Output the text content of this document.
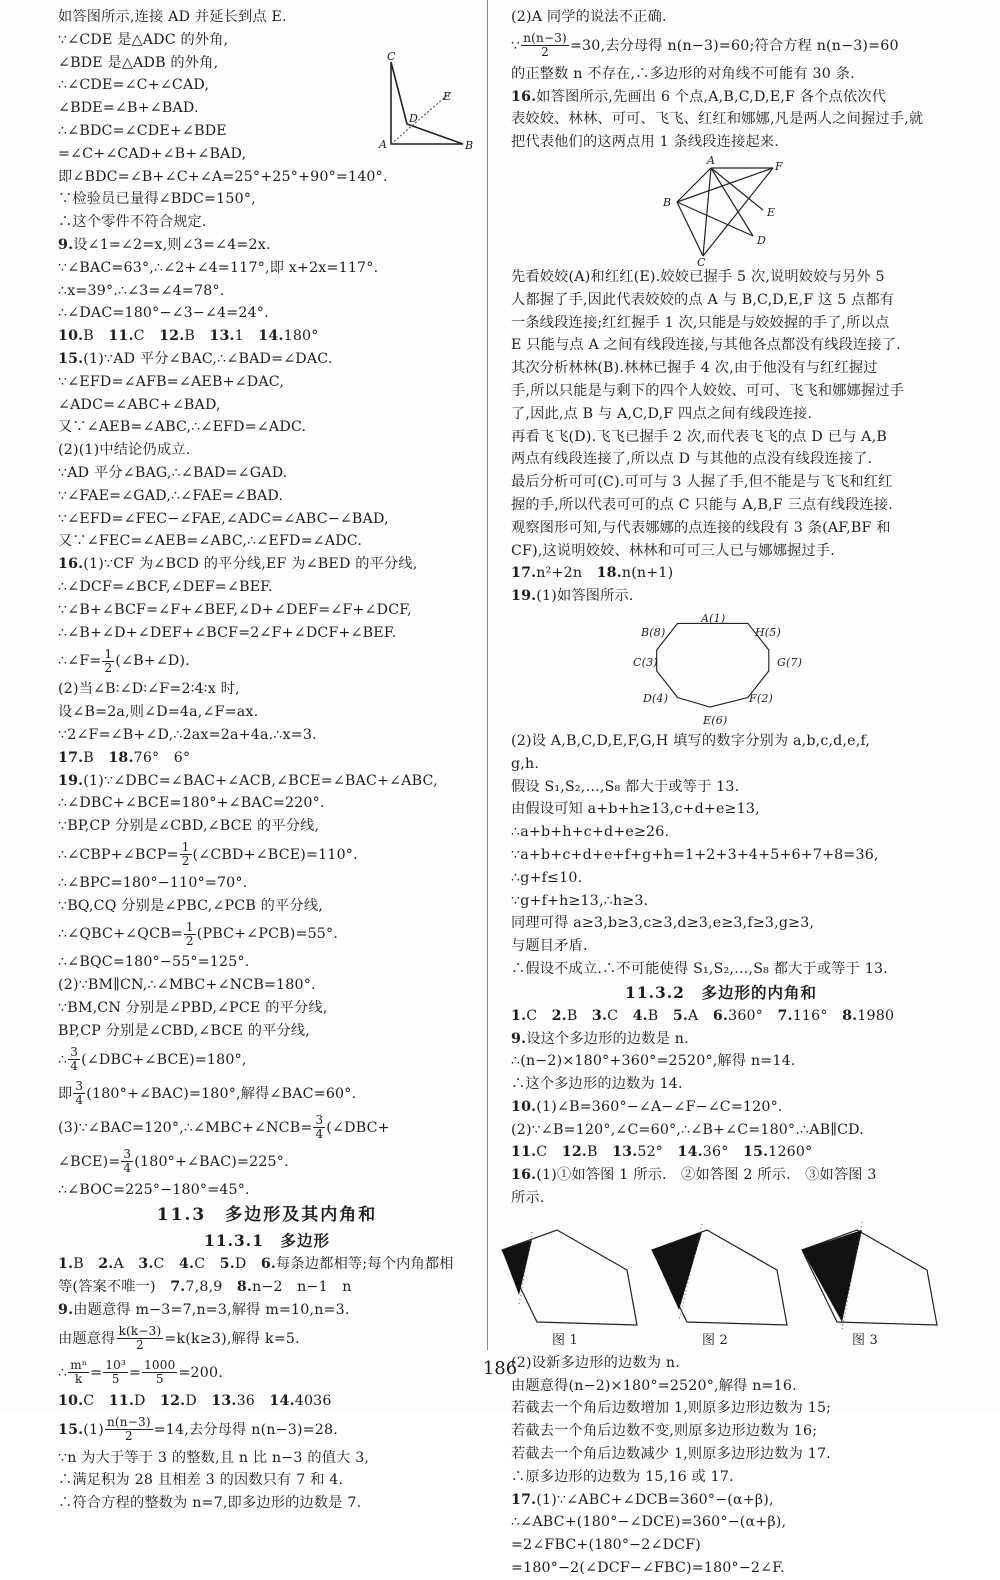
如答图所示,连接 AD 并延长到点 E.
∵∠CDE 是△ADC 的外角,
∠BDE 是△ADB 的外角,
∴∠CDE=∠C+∠CAD,
∠BDE=∠B+∠BAD.
∴∠BDC=∠CDE+∠BDE
=∠C+∠CAD+∠B+∠BAD,
即∠BDC=∠B+∠C+∠A=25°+25°+90°=140°.
∵检验员已量得∠BDC=150°,
∴这个零件不符合规定.
9.设∠1=∠2=x,则∠3=∠4=2x.
∵∠BAC=63°,∴∠2+∠4=117°,即 x+2x=117°.
∴x=39°.∴∠3=∠4=78°.
∴∠DAC=180°−∠3−∠4=24°.
10.B　11.C　12.B　13.1　14.180°
15.(1)∵AD 平分∠BAC,∴∠BAD=∠DAC.
∵∠EFD=∠AFB=∠AEB+∠DAC,
∠ADC=∠ABC+∠BAD,
又∵∠AEB=∠ABC,∴∠EFD=∠ADC.
(2)(1)中结论仍成立.
∵AD 平分∠BAG,∴∠BAD=∠GAD.
∵∠FAE=∠GAD,∴∠FAE=∠BAD.
∵∠EFD=∠FEC−∠FAE,∠ADC=∠ABC−∠BAD,
又∵∠FEC=∠AEB=∠ABC,∴∠EFD=∠ADC.
16.(1)∵CF 为∠BCD 的平分线,EF 为∠BED 的平分线,
∴∠DCF=∠BCF,∠DEF=∠BEF.
∵∠B+∠BCF=∠F+∠BEF,∠D+∠DEF=∠F+∠DCF,
∴∠B+∠D+∠DEF+∠BCF=2∠F+∠DCF+∠BEF.
∴∠F= $\frac{1}{2}$ (∠B+∠D).
(2)当∠B∶∠D∶∠F=2∶4∶x 时,
设∠B=2a,则∠D=4a,∠F=ax.
∵2∠F=∠B+∠D,∴2ax=2a+4a.∴x=3.
17.B　18.76°　6°
19.(1)∵∠DBC=∠BAC+∠ACB,∠BCE=∠BAC+∠ABC,
∴∠DBC+∠BCE=180°+∠BAC=220°.
∵BP,CP 分别是∠CBD,∠BCE 的平分线,
∴∠CBP+∠BCP= $\frac{1}{2}$ (∠CBD+∠BCE)=110°.
∴∠BPC=180°−110°=70°.
∵BQ,CQ 分别是∠PBC,∠PCB 的平分线,
∴∠QBC+∠QCB= $\frac{1}{2}$ (PBC+∠PCB)=55°.
∴∠BQC=180°−55°=125°.
(2)∵BM∥CN,∴∠MBC+∠NCB=180°.
∵BM,CN 分别是∠PBD,∠PCE 的平分线,
BP,CP 分别是∠CBD,∠BCE 的平分线,
∴ $\frac{3}{4}$ (∠DBC+∠BCE)=180°,
即 $\frac{3}{4}$ (180°+∠BAC)=180°,解得∠BAC=60°.
(3)∵∠BAC=120°,∴∠MBC+∠NCB= $\frac{3}{4}$ (∠DBC+
∠BCE)= $\frac{3}{4}$ (180°+∠BAC)=225°.
∴∠BOC=225°−180°=45°.
11.3　多边形及其内角和
11.3.1　多边形
1.B　2.A　3.C　4.C　5.D　6.每条边都相等;每个内角都相
等(答案不唯一)　7.7,8,9　8.n−2　n−1　n
9.由题意得 m−3=7,n=3,解得 m=10,n=3.
由题意得 $\frac{k(k-3)}{2} =k(k\ge 3)$,解得 k=5.
∴ $\frac{\text{mⁿ}}{k} = \frac{\text{10³}}{5} = \frac{1000}{5} =200$.
10.C　11.D　12.D　13.36　14.4036
$15.(1) \frac{n(n-3)}{2} =14$,去分母得 n(n−3)=28.
∵n 为大于等于 3 的整数,且 n 比 n−3 的值大 3,
∴满足积为 28 且相差 3 的因数只有 7 和 4.
∴符合方程的整数为 n=7,即多边形的边数是 7.
(2)A 同学的说法不正确.
∵ $\frac{n(n-3)}{2} =30$,去分母得 n(n−3)=60;符合方程 n(n−3)=60
的正整数 n 不存在,∴多边形的对角线不可能有 30 条.
16.如答图所示,先画出 6 个点,A,B,C,D,E,F 各个点依次代
表姣姣、林林、可可、飞飞、红红和娜娜,凡是两人之间握过手,就
把代表他们的这两点用 1 条线段连接起来.
A	F
B
E
D
C
先看姣姣(A)和红红(E).姣姣已握手 5 次,说明姣姣与另外 5
人都握了手,因此代表姣姣的点 A 与 B,C,D,E,F 这 5 点都有
一条线段连接;红红握手 1 次,只能是与姣姣握的手了,所以点
E 只能与点 A 之间有线段连接,与其他各点都没有线段连接了.
其次分析林林(B).林林已握手 4 次,由于他没有与红红握过
手,所以只能是与剩下的四个人姣姣、可可、飞飞和娜娜握过手
了,因此,点 B 与 A,C,D,F 四点之间有线段连接.
再看飞飞(D).飞飞已握手 2 次,而代表飞飞的点 D 已与 A,B
两点有线段连接了,所以点 D 与其他的点没有线段连接了.
最后分析可可(C).可可与 3 人握了手,但不能是与飞飞和红红
握的手,所以代表可可的点 C 只能与 A,B,F 三点有线段连接.
观察图形可知,与代表娜娜的点连接的线段有 3 条(AF,BF 和
CF),这说明姣姣、林林和可可三人已与娜娜握过手.
17.n²+2n　18.n(n+1)
19.(1)如答图所示.
A(1)
H(5)
G(7)
F(2)
E(6)
D(4)
C(3)
B(8)
(2)设 A,B,C,D,E,F,G,H 填写的数字分别为 a,b,c,d,e,f,
g,h.
假设 S₁,S₂,…,S₈ 都大于或等于 13.
由假设可知 a+b+h≥13,c+d+e≥13,
∴a+b+h+c+d+e≥26.
∵a+b+c+d+e+f+g+h=1+2+3+4+5+6+7+8=36,
∴g+f≤10.
∵g+f+h≥13,∴h≥3.
同理可得 a≥3,b≥3,c≥3,d≥3,e≥3,f≥3,g≥3,
与题目矛盾.
∴假设不成立.∴不可能使得 S₁,S₂,…,S₈ 都大于或等于 13.
11.3.2　多边形的内角和
1.C　2.B　3.C　4.B　5.A　6.360°　7.116°　8.1980
9.设这个多边形的边数是 n.
∴(n−2)×180°+360°=2520°,解得 n=14.
∴这个多边形的边数为 14.
10.(1)∠B=360°−∠A−∠F−∠C=120°.
(2)∵∠B=120°,∠C=60°,∴∠B+∠C=180°.∴AB∥CD.
11.C　12.B　13.52°　14.36°　15.1260°
16.(1)①如答图 1 所示.　②如答图 2 所示.　③如答图 3
所示.
图 1	图 2	图 3
(2)设新多边形的边数为 n.
由题意得(n−2)×180°=2520°,解得 n=16.
若截去一个角后边数增加 1,则原多边形边数为 15;
若截去一个角后边数不变,则原多边形边数为 16;
若截去一个角后边数减少 1,则原多边形边数为 17.
∴原多边形的边数为 15,16 或 17.
17.(1)∵∠ABC+∠DCB=360°−(α+β),
∴∠ABC+(180°−∠DCE)=360°−(α+β),
=2∠FBC+(180°−2∠DCF)
=180°−2(∠DCF−∠FBC)=180°−2∠F.
C
E
D
A	B
186
